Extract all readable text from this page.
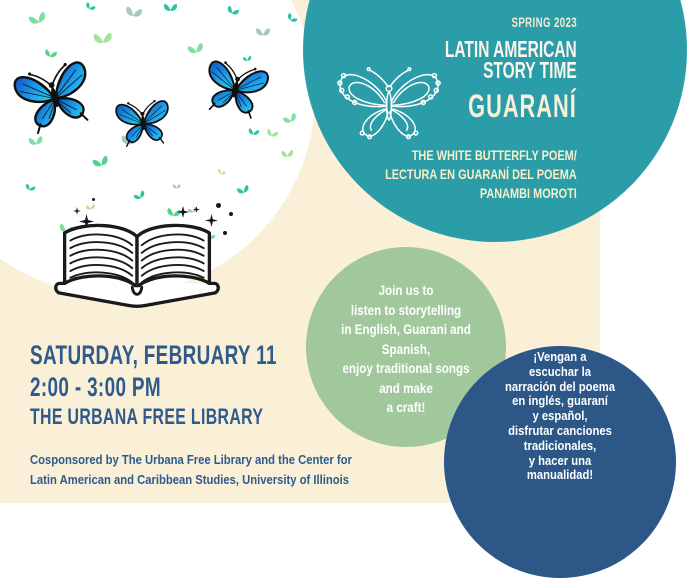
SPRING 2023
LATIN AMERICAN
STORY TIME
GUARANÍ
THE WHITE BUTTERFLY POEM/
LECTURA EN GUARANÍ DEL POEMA
PANAMBI MOROTI
Join us to
listen to storytelling
in English, Guarani and
Spanish,
enjoy traditional songs
and make
a craft!
¡Vengan a
escuchar la
narración del poema
en inglés, guaraní
y español,
disfrutar canciones
tradicionales,
y hacer una
manualidad!
SATURDAY, FEBRUARY 11
2:00 - 3:00 PM
THE URBANA FREE LIBRARY
Cosponsored by The Urbana Free Library and the Center for
Latin American and Caribbean Studies, University of Illinois
